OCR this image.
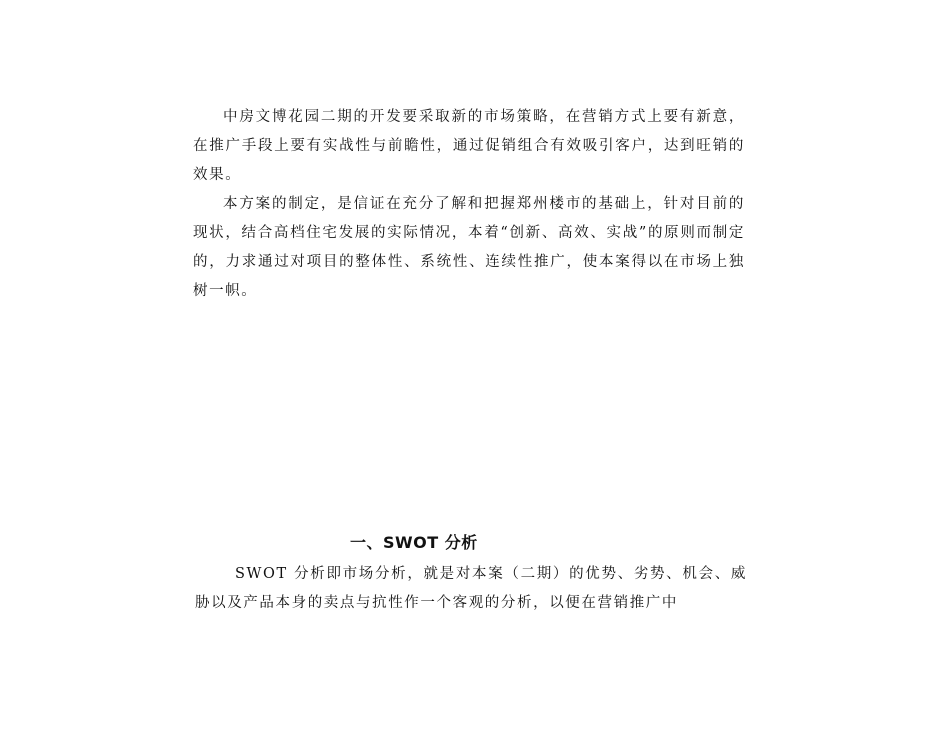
中房文博花园二期的开发要采取新的市场策略，在营销方式上要有新意，在推广手段上要有实战性与前瞻性，通过促销组合有效吸引客户，达到旺销的效果。

本方案的制定，是信证在充分了解和把握郑州楼市的基础上，针对目前的现状，结合高档住宅发展的实际情况，本着“创新、高效、实战”的原则而制定的，力求通过对项目的整体性、系统性、连续性推广，使本案得以在市场上独树一帜。

一、SWOT 分析

SWOT 分析即市场分析，就是对本案（二期）的优势、劣势、机会、威胁以及产品本身的卖点与抗性作一个客观的分析，以便在营销推广中
